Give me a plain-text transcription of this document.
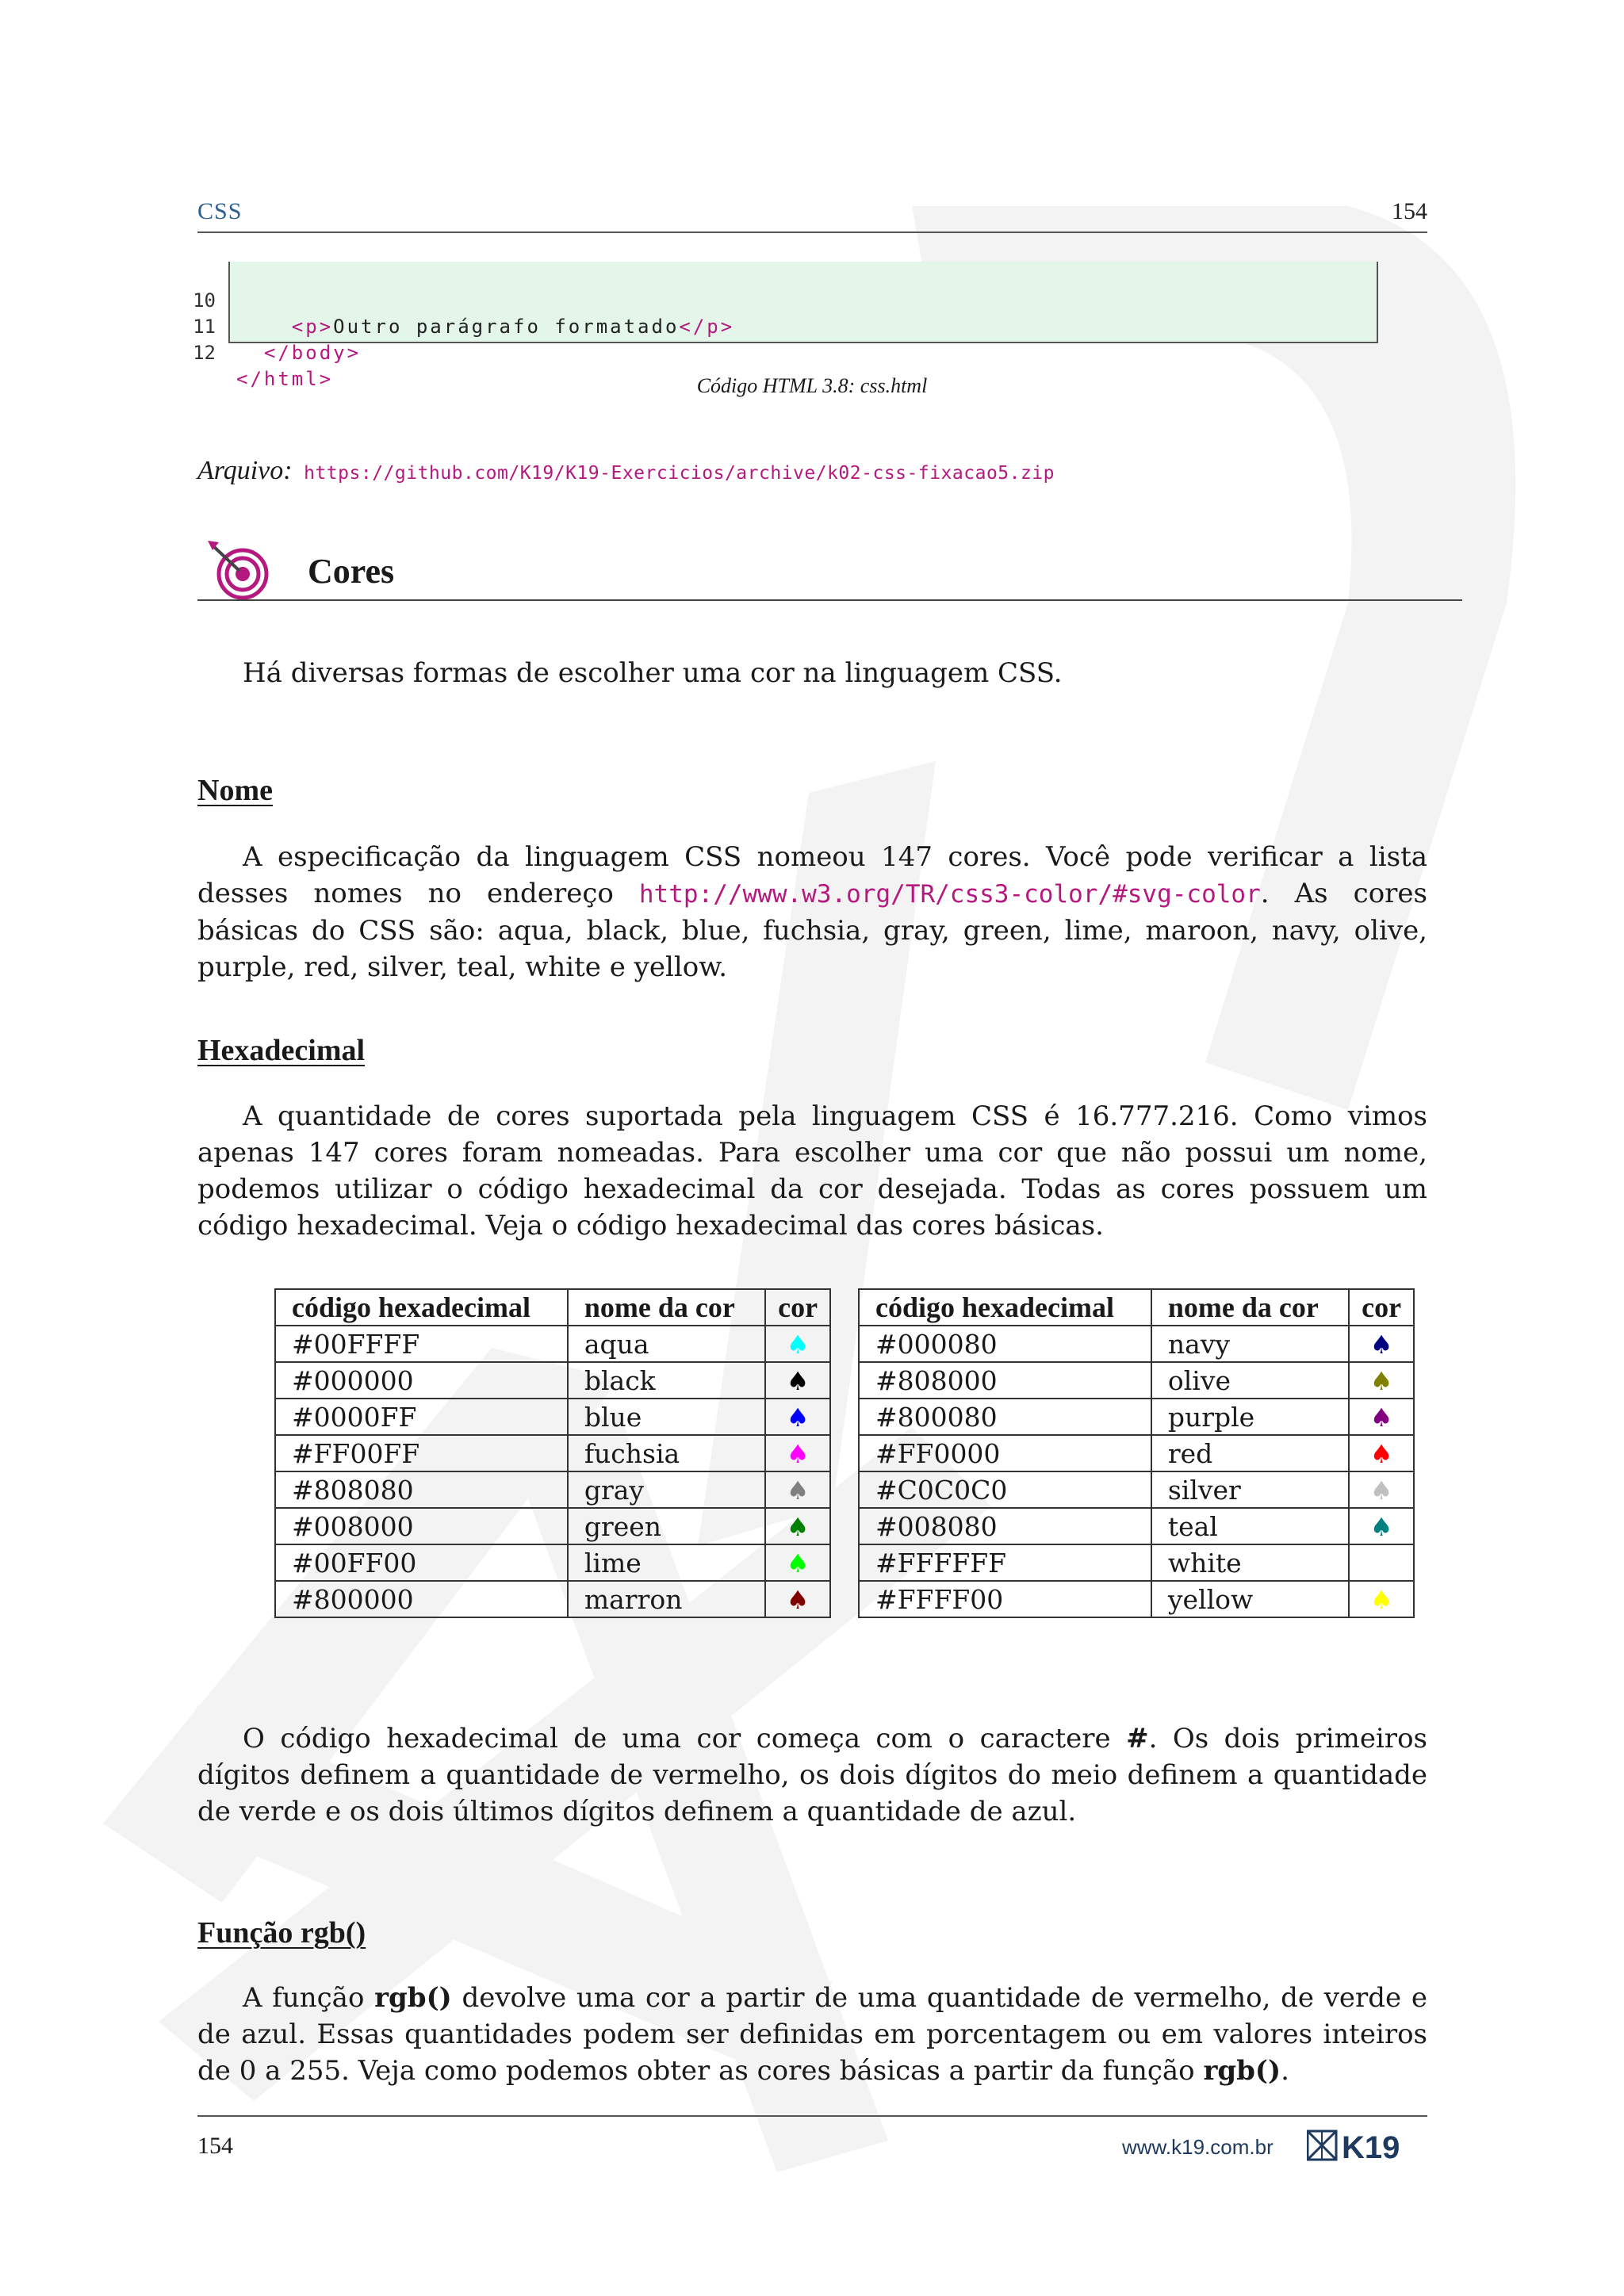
CSS	154

10

<p>Outro parágrafo formatado</p>

11

</body>

12

</html>

	Código HTML 3.8: css.html
Arquivo: https://github.com/K19/K19-Exercicios/archive/k02-css-fixacao5.zip
Cores
Há diversas formas de escolher uma cor na linguagem CSS.
Nome
A especificação da linguagem CSS nomeou 147 cores. Você pode verificar a lista desses nomes no endereço http://www.w3.org/TR/css3-color/#svg-color. As cores básicas do CSS são: aqua, black, blue, fuchsia, gray, green, lime, maroon, navy, olive, purple, red, silver, teal, white e yellow.
Hexadecimal
A quantidade de cores suportada pela linguagem CSS é 16.777.216. Como vimos apenas 147 cores foram nomeadas. Para escolher uma cor que não possui um nome, podemos utilizar o código hexadecimal da cor desejada. Todas as cores possuem um código hexadecimal. Veja o código hexadecimal das cores básicas.
código hexadecimal	nome da cor	cor
#00FFFF	aqua	♠
#000000	black	♠
#0000FF	blue	♠
#FF00FF	fuchsia	♠
#808080	gray	♠
#008000	green	♠
#00FF00	lime	♠
#800000	marron	♠
código hexadecimal	nome da cor	cor
#000080	navy	♠
#808000	olive	♠
#800080	purple	♠
#FF0000	red	♠
#C0C0C0	silver	♠
#008080	teal	♠
#FFFFFF	white	♠
#FFFF00	yellow	♠
O código hexadecimal de uma cor começa com o caractere #. Os dois primeiros dígitos definem a quantidade de vermelho, os dois dígitos do meio definem a quantidade de verde e os dois últimos dígitos definem a quantidade de azul.
Função rgb()
A função rgb() devolve uma cor a partir de uma quantidade de vermelho, de verde e de azul. Essas quantidades podem ser definidas em porcentagem ou em valores inteiros de 0 a 255. Veja como podemos obter as cores básicas a partir da função rgb().
154	www.k19.com.br K19
